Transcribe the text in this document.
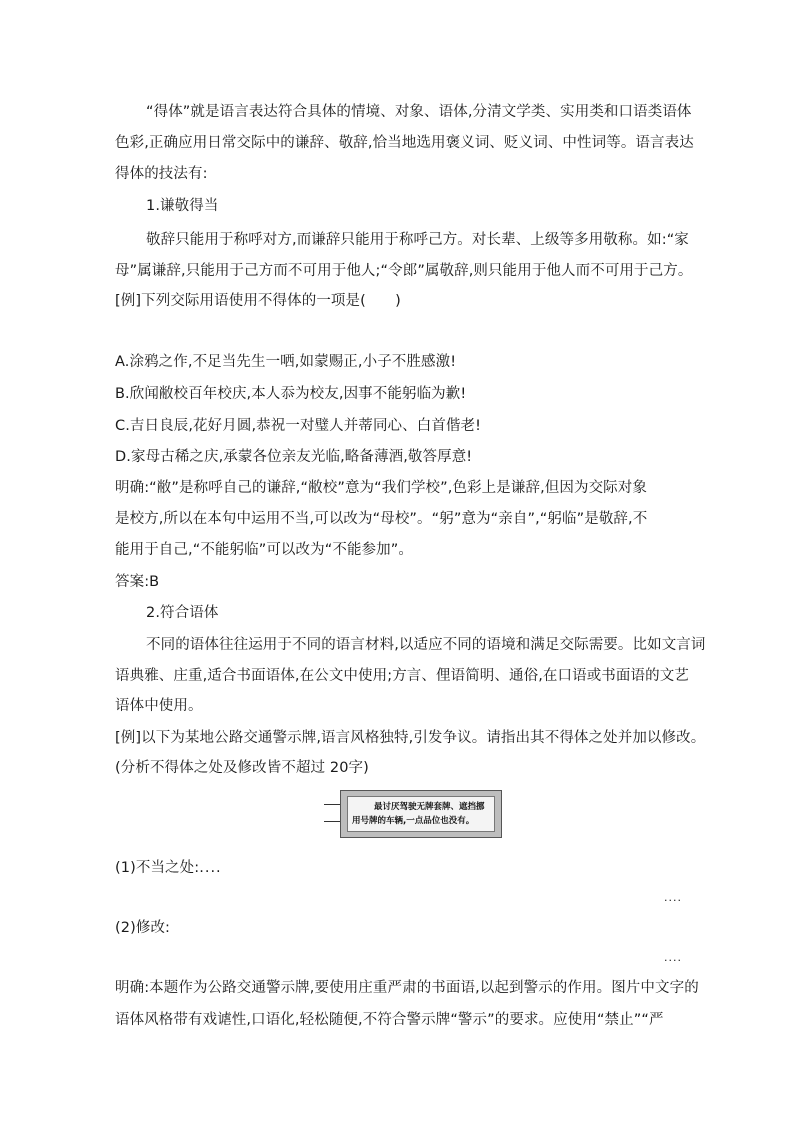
“得体”就是语言表达符合具体的情境、对象、语体,分清文学类、实用类和口语类语体
色彩,正确应用日常交际中的谦辞、敬辞,恰当地选用褒义词、贬义词、中性词等。语言表达
得体的技法有:
1.谦敬得当
敬辞只能用于称呼对方,而谦辞只能用于称呼己方。对长辈、上级等多用敬称。如:“家
母”属谦辞,只能用于己方而不可用于他人;“令郎”属敬辞,则只能用于他人而不可用于己方。
[例]下列交际用语使用不得体的一项是(　　)
A.涂鸦之作,不足当先生一哂,如蒙赐正,小子不胜感激!
B.欣闻敝校百年校庆,本人忝为校友,因事不能躬临为歉!
C.吉日良辰,花好月圆,恭祝一对璧人并蒂同心、白首偕老!
D.家母古稀之庆,承蒙各位亲友光临,略备薄酒,敬答厚意!
明确:“敝”是称呼自己的谦辞,“敝校”意为“我们学校”,色彩上是谦辞,但因为交际对象
是校方,所以在本句中运用不当,可以改为“母校”。“躬”意为“亲自”,“躬临”是敬辞,不
能用于自己,“不能躬临”可以改为“不能参加”。
答案:B
2.符合语体
不同的语体往往运用于不同的语言材料,以适应不同的语境和满足交际需要。比如文言词
语典雅、庄重,适合书面语体,在公文中使用;方言、俚语简明、通俗,在口语或书面语的文艺
语体中使用。
[例]以下为某地公路交通警示牌,语言风格独特,引发争议。请指出其不得体之处并加以修改。
(分析不得体之处及修改皆不超过 20字)
最讨厌驾驶无牌套牌、遮挡挪
用号牌的车辆,一点品位也没有。
(1)不当之处:....
....
(2)修改:
....
明确:本题作为公路交通警示牌,要使用庄重严肃的书面语,以起到警示的作用。图片中文字的
语体风格带有戏谑性,口语化,轻松随便,不符合警示牌“警示”的要求。应使用“禁止”“严
